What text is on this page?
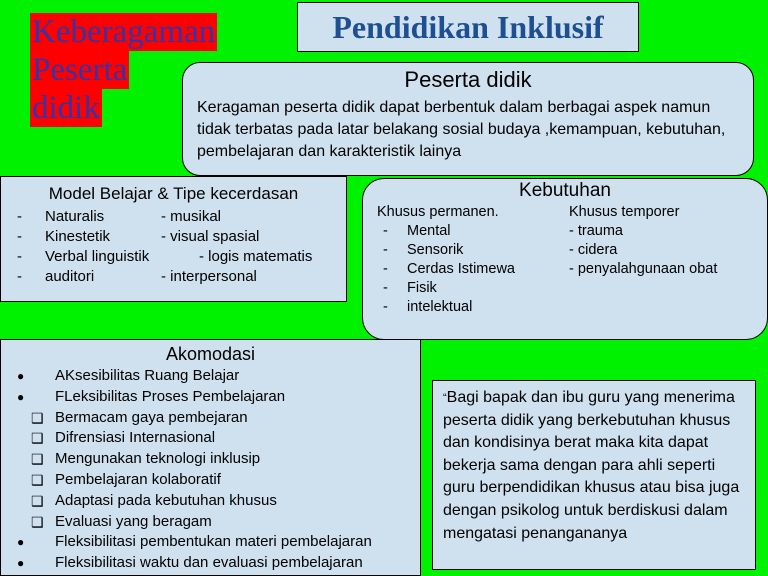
Keberagaman
Peserta
didik
Pendidikan Inklusif
Peserta didik
Keragaman peserta didik dapat berbentuk dalam berbagai aspek namun tidak terbatas pada latar belakang sosial budaya ,kemampuan, kebutuhan, pembelajaran dan karakteristik lainya
Model Belajar & Tipe kecerdasan
- Naturalis	- musikal
- Kinestetik	- visual spasial
- Verbal linguistik	- logis matematis
- auditori	- interpersonal
Kebutuhan
Khusus permanen.
-	Mental
-	Sensorik
-	Cerdas Istimewa
-	Fisik
-	intelektual
Khusus temporer
- trauma
- cidera
- penyalahgunaan obat
Akomodasi
● AKsesibilitas Ruang Belajar
● FLeksibilitas Proses Pembelajaran
❑ Bermacam gaya pembejaran
❑ Difrensiasi Internasional
❑ Mengunakan teknologi inklusip
❑ Pembelajaran kolaboratif
❑ Adaptasi pada kebutuhan khusus
❑ Evaluasi yang beragam
● Fleksibilitasi pembentukan materi pembelajaran
● Fleksibilitasi waktu dan evaluasi pembelajaran
“Bagi bapak dan ibu guru yang menerima peserta didik yang berkebutuhan khusus dan kondisinya berat maka kita dapat bekerja sama dengan para ahli seperti guru berpendidikan khusus atau bisa juga dengan psikolog untuk berdiskusi dalam mengatasi penangananya
